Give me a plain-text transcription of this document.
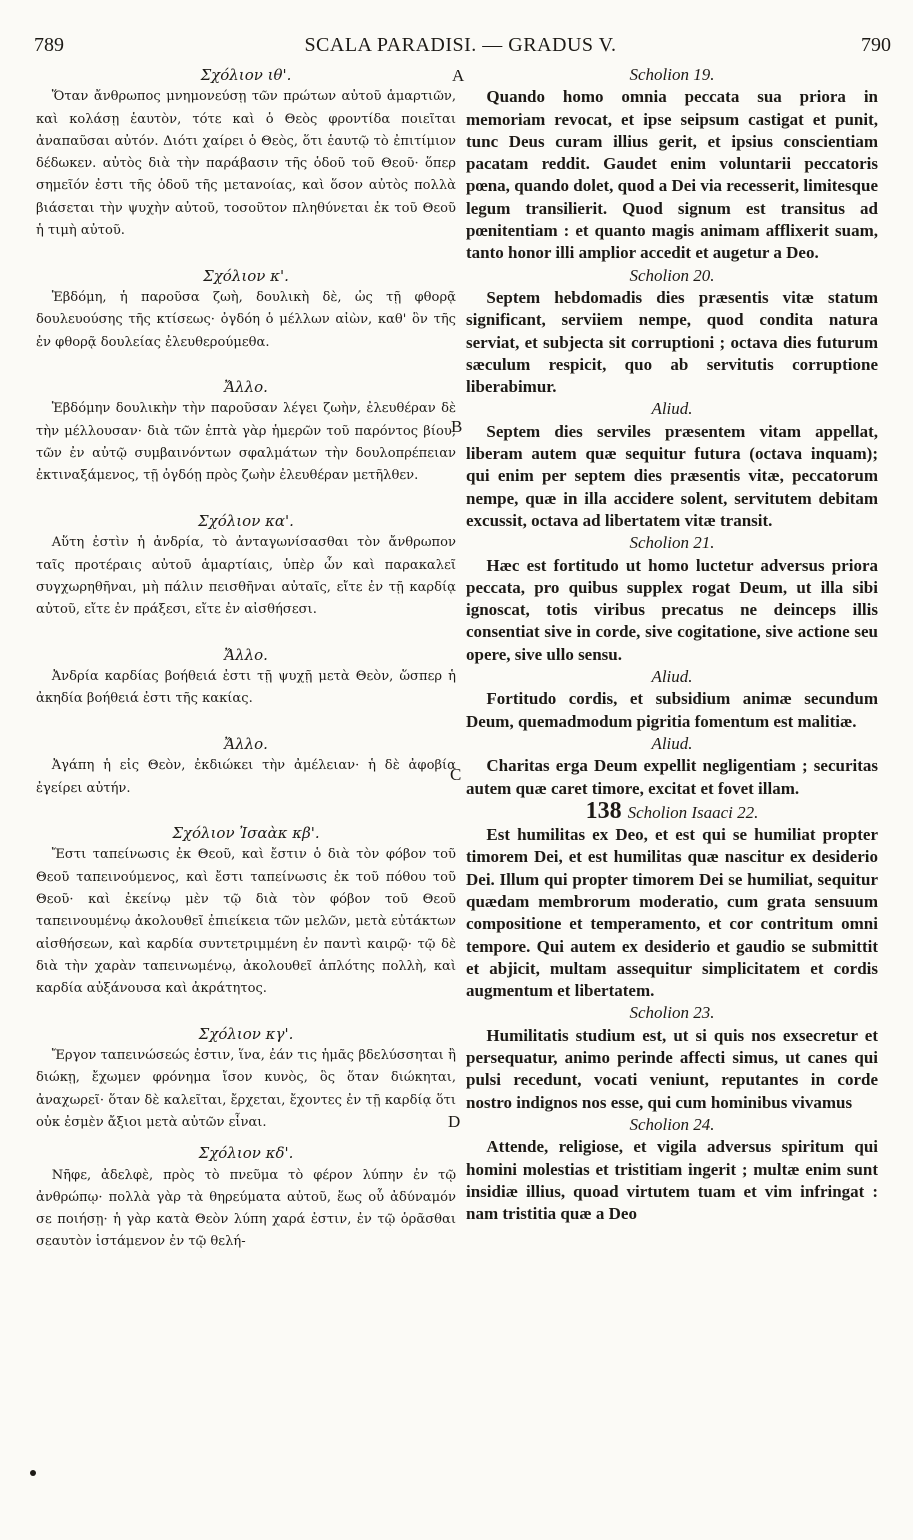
789	SCALA PARADISI. — GRADUS V.	790
Σχόλιον ιθ'.
Ὅταν ἄνθρωπος μνημονεύσῃ τῶν πρώτων αὐτοῦ ἁμαρτιῶν, καὶ κολάσῃ ἑαυτὸν, τότε καὶ ὁ Θεὸς φροντίδα ποιεῖται ἀναπαῦσαι αὐτόν. Διότι χαίρει ὁ Θεὸς, ὅτι ἑαυτῷ τὸ ἐπιτίμιον δέδωκεν. αὐτὸς διὰ τὴν παράβασιν τῆς ὁδοῦ τοῦ Θεοῦ· ὅπερ σημεῖόν ἐστι τῆς ὁδοῦ τῆς μετανοίας, καὶ ὅσον αὐτὸς πολλὰ βιάσεται τὴν ψυχὴν αὐτοῦ, τοσοῦτον πληθύνεται ἐκ τοῦ Θεοῦ ἡ τιμὴ αὐτοῦ.
Σχόλιον κ'.
Ἑβδόμη, ἡ παροῦσα ζωὴ, δουλικὴ δὲ, ὡς τῇ φθορᾷ δουλευούσης τῆς κτίσεως· ὀγδόη ὁ μέλλων αἰὼν, καθ' ὃν τῆς ἐν φθορᾷ δουλείας ἐλευθερούμεθα.
Ἄλλο.
Ἑβδόμην δουλικὴν τὴν παροῦσαν λέγει ζωὴν, ἐλευθέραν δὲ τὴν μέλλουσαν· διὰ τῶν ἑπτὰ γὰρ ἡμερῶν τοῦ παρόντος βίου, τῶν ἐν αὐτῷ συμβαινόντων σφαλμάτων τὴν δουλοπρέπειαν ἐκτιναξάμενος, τῇ ὀγδόῃ πρὸς ζωὴν ἐλευθέραν μετῆλθεν.
Σχόλιον κα'.
Αὕτη ἐστὶν ἡ ἀνδρία, τὸ ἀνταγωνίσασθαι τὸν ἄνθρωπον ταῖς προτέραις αὐτοῦ ἁμαρτίαις, ὑπὲρ ὧν καὶ παρακαλεῖ συγχωρηθῆναι, μὴ πάλιν πεισθῆναι αὐταῖς, εἴτε ἐν τῇ καρδίᾳ αὐτοῦ, εἴτε ἐν πράξεσι, εἴτε ἐν αἰσθήσεσι.
Ἄλλο.
Ἀνδρία καρδίας βοήθειά ἐστι τῇ ψυχῇ μετὰ Θεὸν, ὥσπερ ἡ ἀκηδία βοήθειά ἐστι τῆς κακίας.
Ἄλλο.
Ἀγάπη ἡ εἰς Θεὸν, ἐκδιώκει τὴν ἀμέλειαν· ἡ δὲ ἀφοβία ἐγείρει αὐτήν.
Σχόλιον Ἰσαὰκ κβ'.
Ἔστι ταπείνωσις ἐκ Θεοῦ, καὶ ἔστιν ὁ διὰ τὸν φόβον τοῦ Θεοῦ ταπεινούμενος, καὶ ἔστι ταπείνωσις ἐκ τοῦ πόθου τοῦ Θεοῦ· καὶ ἐκείνῳ μὲν τῷ διὰ τὸν φόβον τοῦ Θεοῦ ταπεινουμένῳ ἀκολουθεῖ ἐπιείκεια τῶν μελῶν, μετὰ εὐτάκτων αἰσθήσεων, καὶ καρδία συντετριμμένη ἐν παντὶ καιρῷ· τῷ δὲ διὰ τὴν χαρὰν ταπεινωμένῳ, ἀκολουθεῖ ἁπλότης πολλὴ, καὶ καρδία αὐξάνουσα καὶ ἀκράτητος.
Σχόλιον κγ'.
Ἔργον ταπεινώσεώς ἐστιν, ἵνα, ἐάν τις ἡμᾶς βδελύσσηται ἢ διώκῃ, ἔχωμεν φρόνημα ἴσον κυνὸς, ὃς ὅταν διώκηται, ἀναχωρεῖ· ὅταν δὲ καλεῖται, ἔρχεται, ἔχοντες ἐν τῇ καρδίᾳ ὅτι οὐκ ἐσμὲν ἄξιοι μετὰ αὐτῶν εἶναι.
Σχόλιον κδ'.
Νῆφε, ἀδελφὲ, πρὸς τὸ πνεῦμα τὸ φέρον λύπην ἐν τῷ ἀνθρώπῳ· πολλὰ γὰρ τὰ θηρεύματα αὐτοῦ, ἕως οὗ ἀδύναμόν σε ποιήσῃ· ἡ γὰρ κατὰ Θεὸν λύπη χαρά ἐστιν, ἐν τῷ ὁρᾶσθαι σεαυτὸν ἱστάμενον ἐν τῷ θελή-
Scholion 19.
Quando homo omnia peccata sua priora in memoriam revocat, et ipse seipsum castigat et punit, tunc Deus curam illius gerit, et ipsius conscientiam pacatam reddit. Gaudet enim voluntarii peccatoris pœna, quando dolet, quod a Dei via recesserit, limitesque legum transilierit. Quod signum est transitus ad pœnitentiam : et quanto magis animam afflixerit suam, tanto honor illi amplior accedit et augetur a Deo.
Scholion 20.
Septem hebdomadis dies præsentis vitæ statum significant, serviiem nempe, quod condita natura serviat, et subjecta sit corruptioni ; octava dies futurum sæculum respicit, quo ab servitutis corruptione liberabimur.
Aliud.
Septem dies serviles præsentem vitam appellat, liberam autem quæ sequitur futura (octava inquam); qui enim per septem dies præsentis vitæ, peccatorum nempe, quæ in illa accidere solent, servitutem debitam excussit, octava ad libertatem vitæ transit.
Scholion 21.
Hæc est fortitudo ut homo luctetur adversus priora peccata, pro quibus supplex rogat Deum, ut illa sibi ignoscat, totis viribus precatus ne deinceps illis consentiat sive in corde, sive cogitatione, sive actione seu opere, sive ullo sensu.
Aliud.
Fortitudo cordis, et subsidium animæ secundum Deum, quemadmodum pigritia fomentum est malitiæ.
Aliud.
Charitas erga Deum expellit negligentiam ; securitas autem quæ caret timore, excitat et fovet illam.
138 Scholion Isaaci 22.
Est humilitas ex Deo, et est qui se humiliat propter timorem Dei, et est humilitas quæ nascitur ex desiderio Dei. Illum qui propter timorem Dei se humiliat, sequitur quædam membrorum moderatio, cum grata sensuum compositione et temperamento, et cor contritum omni tempore. Qui autem ex desiderio et gaudio se submittit et abjicit, multam assequitur simplicitatem et cordis augmentum et libertatem.
Scholion 23.
Humilitatis studium est, ut si quis nos exsecretur et persequatur, animo perinde affecti simus, ut canes qui pulsi recedunt, vocati veniunt, reputantes in corde nostro indignos nos esse, qui cum hominibus vivamus
Scholion 24.
Attende, religiose, et vigila adversus spiritum qui homini molestias et tristitiam ingerit ; multæ enim sunt insidiæ illius, quoad virtutem tuam et vim infringat : nam tristitia quæ a Deo
A
B
C
D
